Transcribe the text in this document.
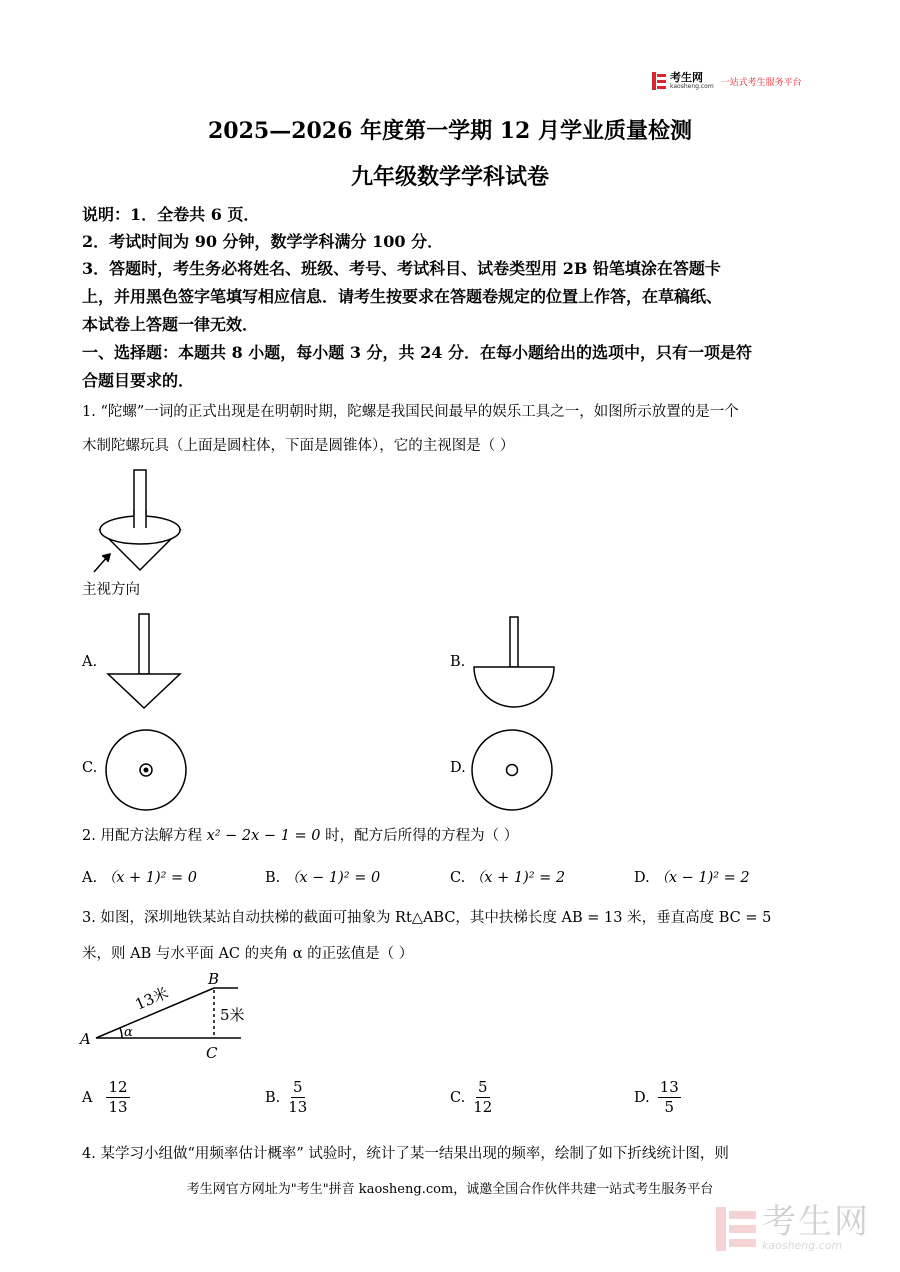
考生网
kaosheng.com 一站式考生服务平台
2025—2026 年度第一学期 12 月学业质量检测
九年级数学学科试卷
说明：1．全卷共 6 页．
2．考试时间为 90 分钟，数学学科满分 100 分．
3．答题时，考生务必将姓名、班级、考号、考试科目、试卷类型用 2B 铅笔填涂在答题卡
上，并用黑色签字笔填写相应信息．请考生按要求在答题卷规定的位置上作答，在草稿纸、
本试卷上答题一律无效．
一、选择题：本题共 8 小题，每小题 3 分，共 24 分．在每小题给出的选项中，只有一项是符
合题目要求的．
1. “陀螺”一词的正式出现是在明朝时期，陀螺是我国民间最早的娱乐工具之一，如图所示放置的是一个
木制陀螺玩具（上面是圆柱体，下面是圆锥体），它的主视图是（ ）
主视方向
A.	B.
C.	D.
2. 用配方法解方程 x² − 2x − 1 = 0 时，配方后所得的方程为（ ）
A. （x + 1)² = 0	B. （x − 1)² = 0	C. （x + 1)² = 2	D. （x − 1)² = 2
3. 如图，深圳地铁某站自动扶梯的截面可抽象为 Rt△ABC，其中扶梯长度 AB = 13 米，垂直高度 BC = 5
米，则 AB 与水平面 AC 的夹角 α 的正弦值是（ ）
A
B
C
α
13米
5米
A $\frac{12}{13}$	B. $\frac{5}{13}$	C. $\frac{5}{12}$	D. $\frac{13}{5}$
4. 某学习小组做“用频率估计概率” 试验时，统计了某一结果出现的频率，绘制了如下折线统计图，则
考生网官方网址为"考生"拼音 kaosheng.com，诚邀全国合作伙伴共建一站式考生服务平台
考生网
kaosheng.com
